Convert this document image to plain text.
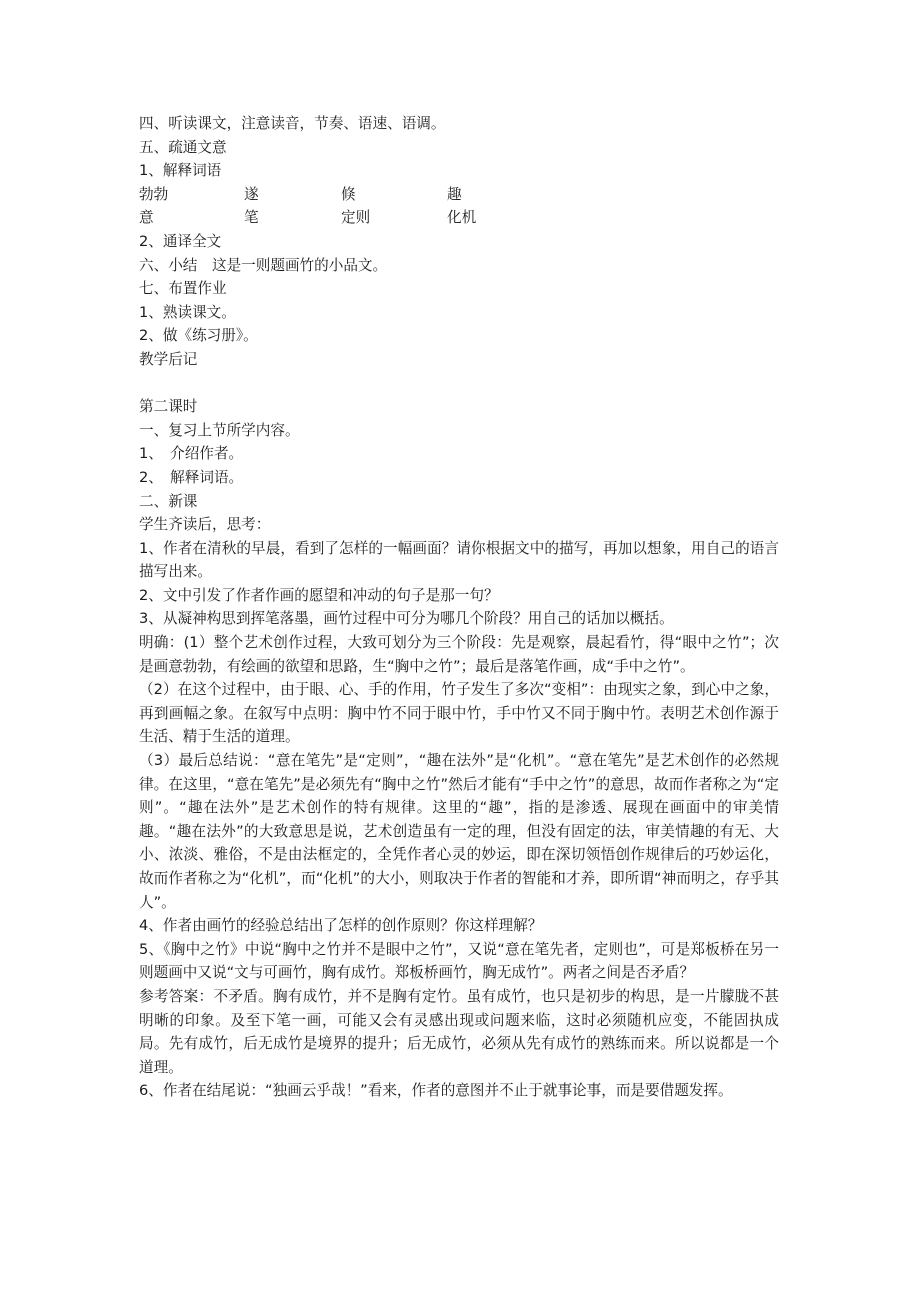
四、听读课文，注意读音，节奏、语速、语调。
五、疏通文意
1、解释词语
勃勃	遂	倏	趣
意	笔	定则	化机
2、通译全文
六、小结　这是一则题画竹的小品文。
七、布置作业
1、熟读课文。
2、做《练习册》。
教学后记
第二课时
一、复习上节所学内容。
1、　介绍作者。
2、　解释词语。
二、新课
学生齐读后，思考：
1、作者在清秋的早晨，看到了怎样的一幅画面？请你根据文中的描写，再加以想象，用自己的语言描写出来。
2、文中引发了作者作画的愿望和冲动的句子是那一句？
3、从凝神构思到挥笔落墨，画竹过程中可分为哪几个阶段？用自己的话加以概括。
明确：(1）整个艺术创作过程，大致可划分为三个阶段：先是观察，晨起看竹，得“眼中之竹”；次是画意勃勃，有绘画的欲望和思路，生“胸中之竹”；最后是落笔作画，成“手中之竹”。
（2）在这个过程中，由于眼、心、手的作用，竹子发生了多次“变相”：由现实之象，到心中之象，再到画幅之象。在叙写中点明：胸中竹不同于眼中竹，手中竹又不同于胸中竹。表明艺术创作源于生活、精于生活的道理。
（3）最后总结说：“意在笔先”是“定则”，“趣在法外”是“化机”。“意在笔先”是艺术创作的必然规律。在这里，“意在笔先”是必须先有“胸中之竹”然后才能有“手中之竹”的意思，故而作者称之为“定则”。“趣在法外”是艺术创作的特有规律。这里的“趣”，指的是渗透、展现在画面中的审美情趣。“趣在法外”的大致意思是说，艺术创造虽有一定的理，但没有固定的法，审美情趣的有无、大小、浓淡、雅俗，不是由法框定的，全凭作者心灵的妙运，即在深切领悟创作规律后的巧妙运化，故而作者称之为“化机”，而“化机”的大小，则取决于作者的智能和才养，即所谓“神而明之，存乎其人”。
4、作者由画竹的经验总结出了怎样的创作原则？你这样理解？
5、《胸中之竹》中说“胸中之竹并不是眼中之竹”，又说“意在笔先者，定则也”，可是郑板桥在另一则题画中又说“文与可画竹，胸有成竹。郑板桥画竹，胸无成竹”。两者之间是否矛盾？
参考答案：不矛盾。胸有成竹，并不是胸有定竹。虽有成竹，也只是初步的构思，是一片朦胧不甚明晰的印象。及至下笔一画，可能又会有灵感出现或问题来临，这时必须随机应变，不能固执成局。先有成竹，后无成竹是境界的提升；后无成竹，必须从先有成竹的熟练而来。所以说都是一个道理。
6、作者在结尾说：“独画云乎哉！”看来，作者的意图并不止于就事论事，而是要借题发挥。
